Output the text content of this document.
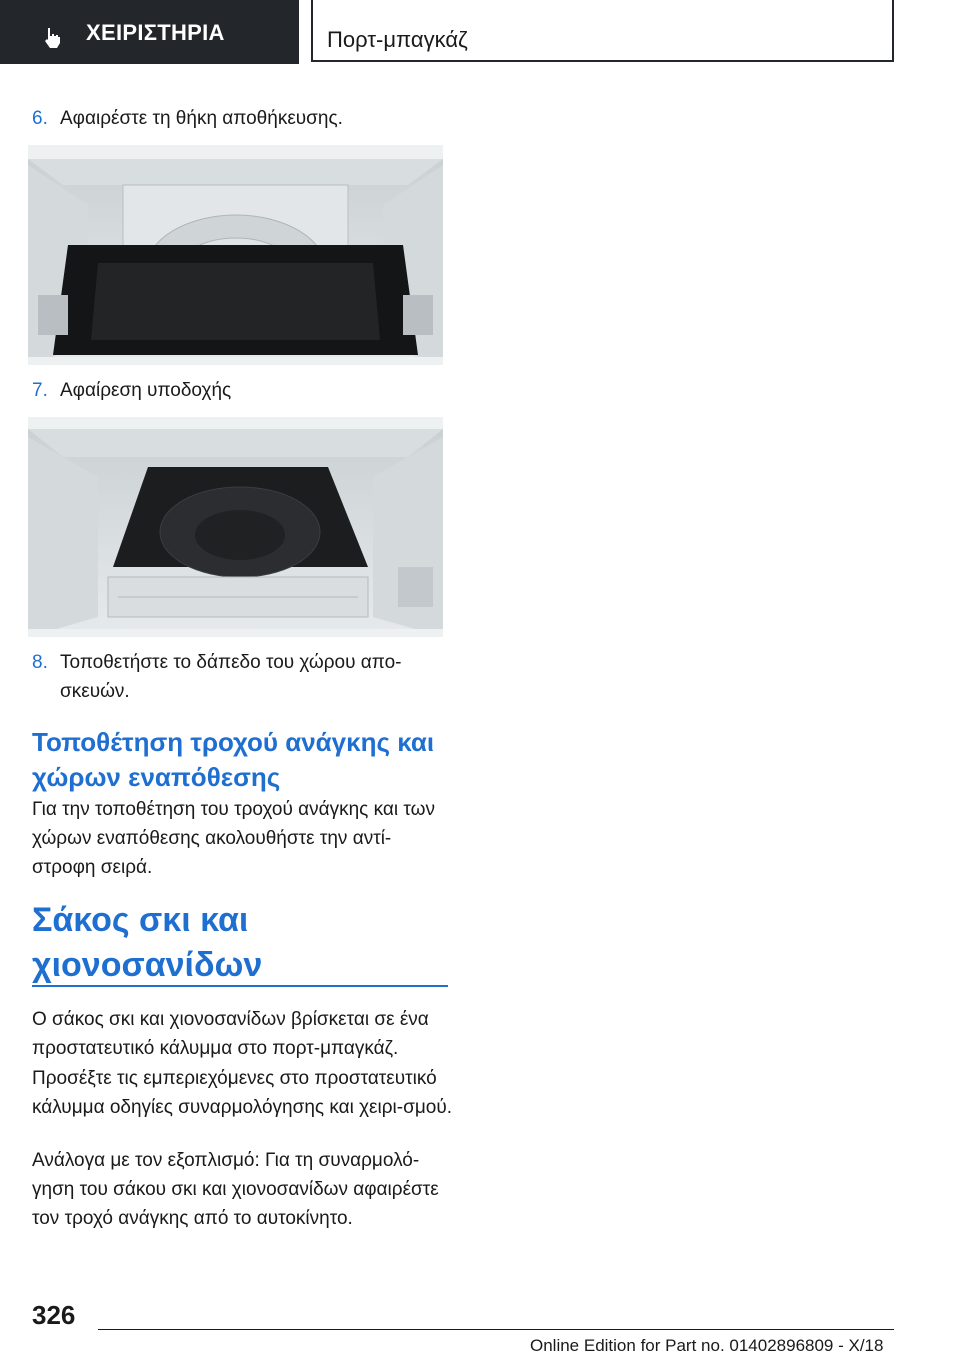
ΧΕΙΡΙΣΤΗΡΙΑ	Πορτ-μπαγκάζ
6. Αφαιρέστε τη θήκη αποθήκευσης.
7. Αφαίρεση υποδοχής
8. Τοποθετήστε το δάπεδο του χώρου απο-σκευών.
Τοποθέτηση τροχού ανάγκης και χώρων εναπόθεσης
Για την τοποθέτηση του τροχού ανάγκης και των χώρων εναπόθεσης ακολουθήστε την αντί-στροφη σειρά.
Σάκος σκι και χιονοσανίδων
Ο σάκος σκι και χιονοσανίδων βρίσκεται σε ένα προστατευτικό κάλυμμα στο πορτ-μπαγκάζ.
Προσέξτε τις εμπεριεχόμενες στο προστατευτικό κάλυμμα οδηγίες συναρμολόγησης και χειρι-σμού.
Ανάλογα με τον εξοπλισμό: Για τη συναρμολό-γηση του σάκου σκι και χιονοσανίδων αφαιρέστε τον τροχό ανάγκης από το αυτοκίνητο.
326
Online Edition for Part no. 01402896809 - X/18
